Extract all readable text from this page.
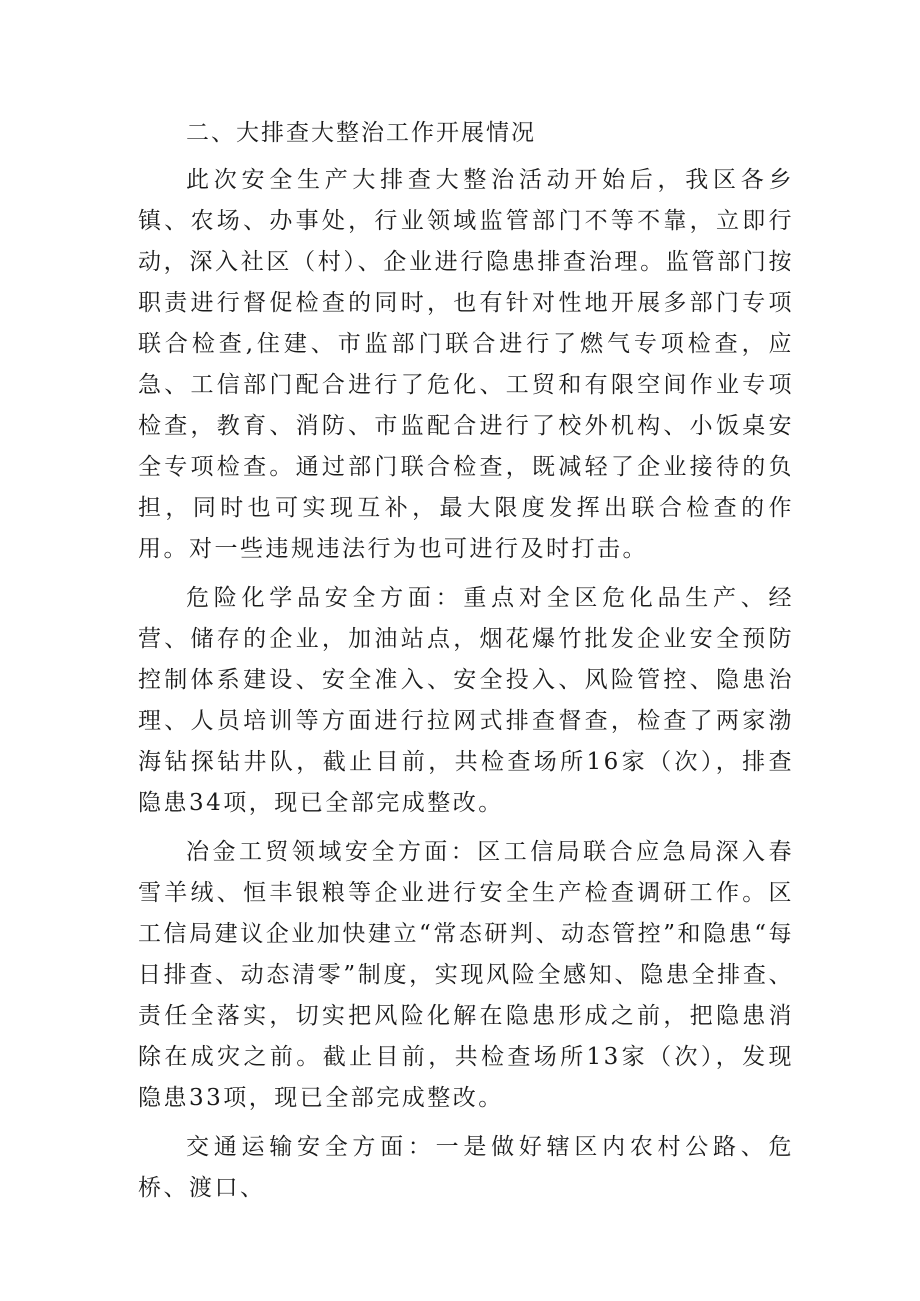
二、大排查大整治工作开展情况

此次安全生产大排查大整治活动开始后，我区各乡镇、农场、办事处，行业领域监管部门不等不靠，立即行动，深入社区（村）、企业进行隐患排查治理。监管部门按职责进行督促检查的同时，也有针对性地开展多部门专项联合检查,住建、市监部门联合进行了燃气专项检查，应急、工信部门配合进行了危化、工贸和有限空间作业专项检查，教育、消防、市监配合进行了校外机构、小饭桌安全专项检查。通过部门联合检查，既减轻了企业接待的负担，同时也可实现互补，最大限度发挥出联合检查的作用。对一些违规违法行为也可进行及时打击。

危险化学品安全方面：重点对全区危化品生产、经营、储存的企业，加油站点，烟花爆竹批发企业安全预防控制体系建设、安全准入、安全投入、风险管控、隐患治理、人员培训等方面进行拉网式排查督查，检查了两家渤海钻探钻井队，截止目前，共检查场所16家（次），排查隐患34项，现已全部完成整改。

冶金工贸领域安全方面：区工信局联合应急局深入春雪羊绒、恒丰银粮等企业进行安全生产检查调研工作。区工信局建议企业加快建立“常态研判、动态管控”和隐患“每日排查、动态清零”制度，实现风险全感知、隐患全排查、责任全落实，切实把风险化解在隐患形成之前，把隐患消除在成灾之前。截止目前，共检查场所13家（次），发现隐患33项，现已全部完成整改。

交通运输安全方面：一是做好辖区内农村公路、危桥、渡口、
